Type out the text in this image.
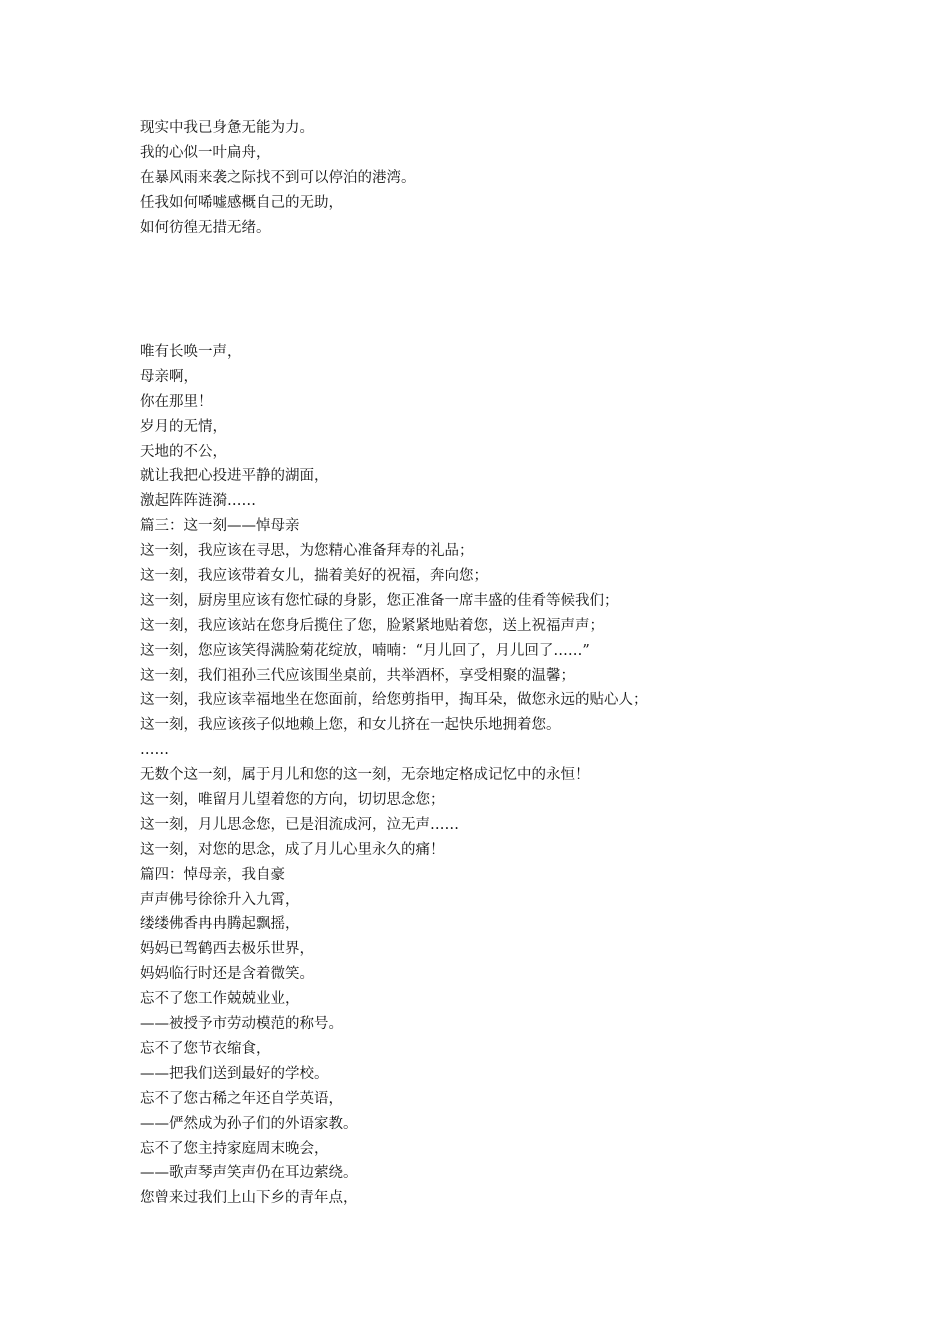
现实中我已身惫无能为力。
我的心似一叶扁舟，
在暴风雨来袭之际找不到可以停泊的港湾。
任我如何唏嘘感概自己的无助，
如何彷徨无措无绪。
唯有长唤一声，
母亲啊，
你在那里！
岁月的无情，
天地的不公，
就让我把心投进平静的湖面，
激起阵阵涟漪……
篇三：这一刻——悼母亲
这一刻，我应该在寻思，为您精心准备拜寿的礼品；
这一刻，我应该带着女儿，揣着美好的祝福，奔向您；
这一刻，厨房里应该有您忙碌的身影，您正准备一席丰盛的佳肴等候我们；
这一刻，我应该站在您身后揽住了您，脸紧紧地贴着您，送上祝福声声；
这一刻，您应该笑得满脸菊花绽放，喃喃：“月儿回了，月儿回了……”
这一刻，我们祖孙三代应该围坐桌前，共举酒杯，享受相聚的温馨；
这一刻，我应该幸福地坐在您面前，给您剪指甲，掏耳朵，做您永远的贴心人；
这一刻，我应该孩子似地赖上您，和女儿挤在一起快乐地拥着您。
……
无数个这一刻，属于月儿和您的这一刻，无奈地定格成记忆中的永恒！
这一刻，唯留月儿望着您的方向，切切思念您；
这一刻，月儿思念您，已是泪流成河，泣无声……
这一刻，对您的思念，成了月儿心里永久的痛！
篇四：悼母亲，我自豪
声声佛号徐徐升入九霄，
缕缕佛香冉冉腾起飘摇，
妈妈已驾鹤西去极乐世界，
妈妈临行时还是含着微笑。
忘不了您工作兢兢业业，
——被授予市劳动模范的称号。
忘不了您节衣缩食，
——把我们送到最好的学校。
忘不了您古稀之年还自学英语，
——俨然成为孙子们的外语家教。
忘不了您主持家庭周末晚会，
——歌声琴声笑声仍在耳边萦绕。
您曾来过我们上山下乡的青年点，
